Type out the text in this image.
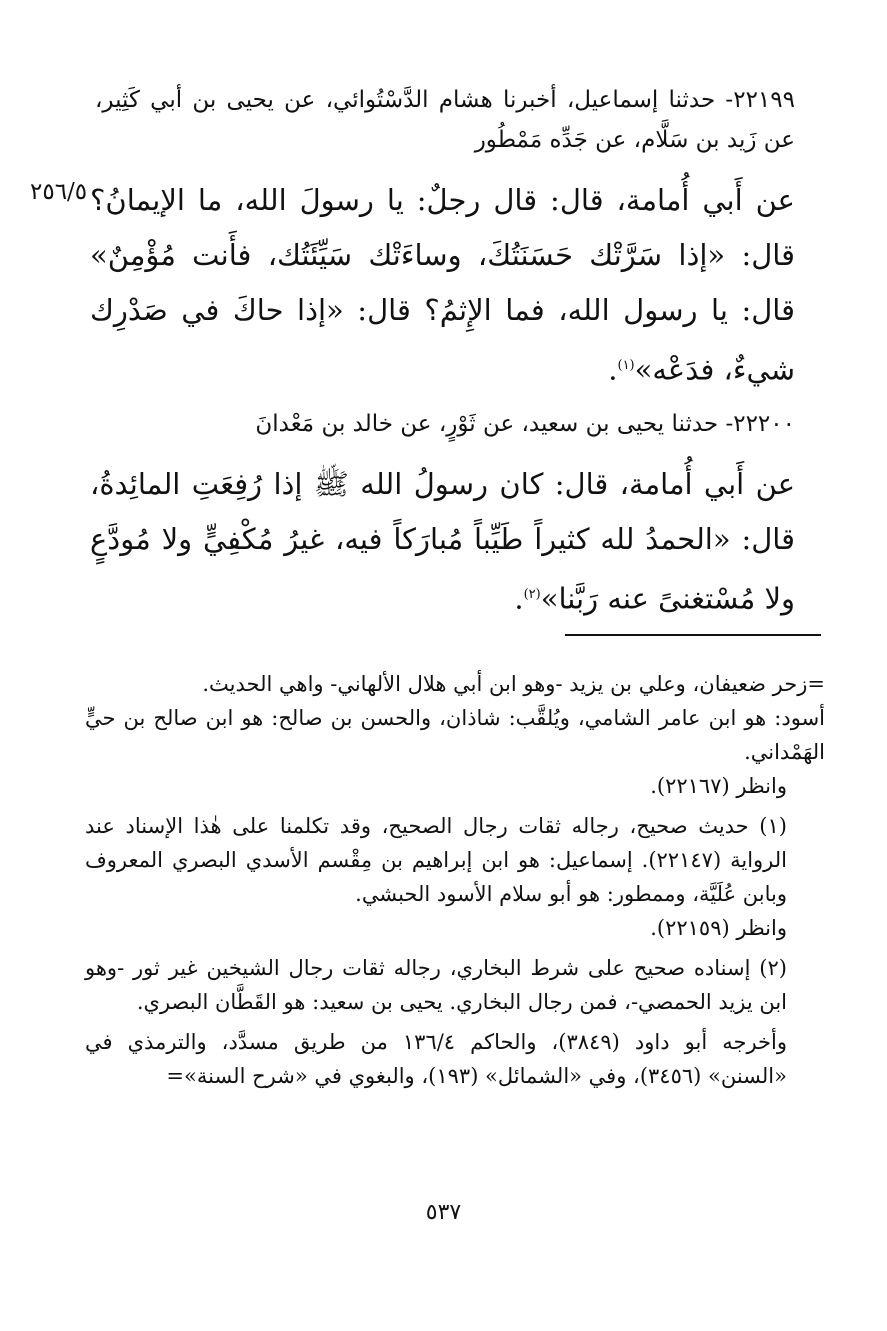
٢٥٦/٥
٢٢١٩٩- حدثنا إسماعيل، أخبرنا هشام الدَّسْتُوائي، عن يحيى بن أبي كَثِير، عن زَيد بن سَلَّام، عن جَدِّه مَمْطُور
عن أَبي أُمامة، قال: قال رجلٌ: يا رسولَ الله، ما الإيمانُ؟ قال: «إذا سَرَّتْك حَسَنَتُكَ، وساءَتْك سَيِّئَتُك، فأَنت مُؤْمِنٌ» قال: يا رسول الله، فما الإِثمُ؟ قال: «إذا حاكَ في صَدْرِك شيءٌ، فدَعْه»$^{(١)}$.
٢٢٢٠٠- حدثنا يحيى بن سعيد، عن ثَوْرٍ، عن خالد بن مَعْدانَ
عن أَبي أُمامة، قال: كان رسولُ الله ﷺ إذا رُفِعَتِ المائِدةُ، قال: «الحمدُ لله كثيراً طَيِّباً مُبارَكاً فيه، غيرُ مُكْفِيٍّ ولا مُودَّعٍ ولا مُسْتغنىً عنه رَبَّنا»$^{(٢)}$.

=زحر ضعيفان، وعلي بن يزيد -وهو ابن أبي هلال الألهاني- واهي الحديث.

أسود: هو ابن عامر الشامي، ويُلقَّب: شاذان، والحسن بن صالح: هو ابن صالح بن حيٍّ الهَمْداني.

وانظر (٢٢١٦٧).

(١) حديث صحيح، رجاله ثقات رجال الصحيح، وقد تكلمنا على هٰذا الإسناد عند الرواية (٢٢١٤٧). إسماعيل: هو ابن إبراهيم بن مِقْسم الأسدي البصري المعروف وبابن عُلَيَّة، وممطور: هو أبو سلام الأسود الحبشي.

وانظر (٢٢١٥٩).

(٢) إسناده صحيح على شرط البخاري، رجاله ثقات رجال الشيخين غير ثور -وهو ابن يزيد الحمصي-، فمن رجال البخاري. يحيى بن سعيد: هو القَطَّان البصري.

وأخرجه أبو داود (٣٨٤٩)، والحاكم ١٣٦/٤ من طريق مسدَّد، والترمذي في «السنن» (٣٤٥٦)، وفي «الشمائل» (١٩٣)، والبغوي في «شرح السنة»=

٥٣٧
